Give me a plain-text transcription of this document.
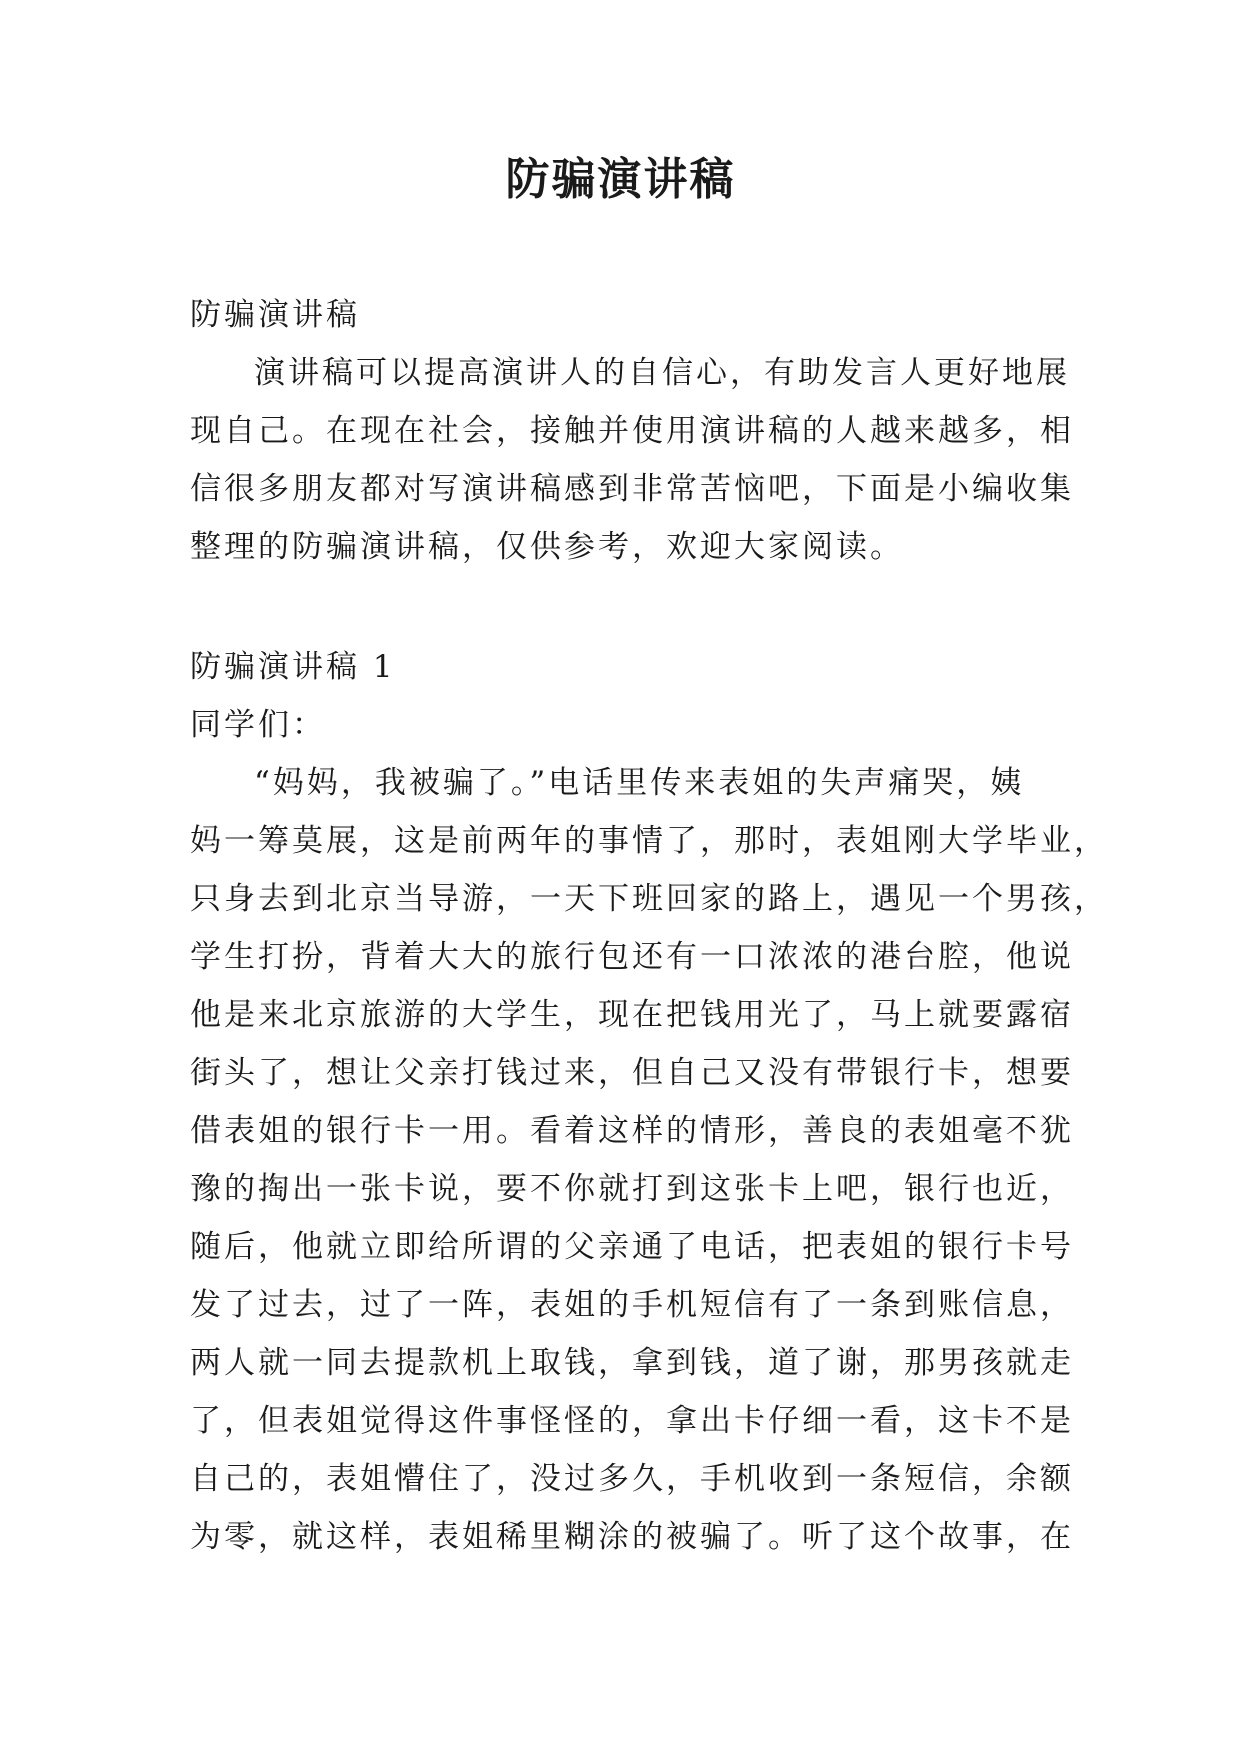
防骗演讲稿
防骗演讲稿
演讲稿可以提高演讲人的自信心，有助发言人更好地展
现自己。在现在社会，接触并使用演讲稿的人越来越多，相
信很多朋友都对写演讲稿感到非常苦恼吧，下面是小编收集
整理的防骗演讲稿，仅供参考，欢迎大家阅读。
防骗演讲稿 1
同学们：
“妈妈，我被骗了。”电话里传来表姐的失声痛哭，姨
妈一筹莫展，这是前两年的事情了，那时，表姐刚大学毕业，
只身去到北京当导游，一天下班回家的路上，遇见一个男孩，
学生打扮，背着大大的旅行包还有一口浓浓的港台腔，他说
他是来北京旅游的大学生，现在把钱用光了，马上就要露宿
街头了，想让父亲打钱过来，但自己又没有带银行卡，想要
借表姐的银行卡一用。看着这样的情形，善良的表姐毫不犹
豫的掏出一张卡说，要不你就打到这张卡上吧，银行也近，
随后，他就立即给所谓的父亲通了电话，把表姐的银行卡号
发了过去，过了一阵，表姐的手机短信有了一条到账信息，
两人就一同去提款机上取钱，拿到钱，道了谢，那男孩就走
了，但表姐觉得这件事怪怪的，拿出卡仔细一看，这卡不是
自己的，表姐懵住了，没过多久，手机收到一条短信，余额
为零，就这样，表姐稀里糊涂的被骗了。听了这个故事，在
